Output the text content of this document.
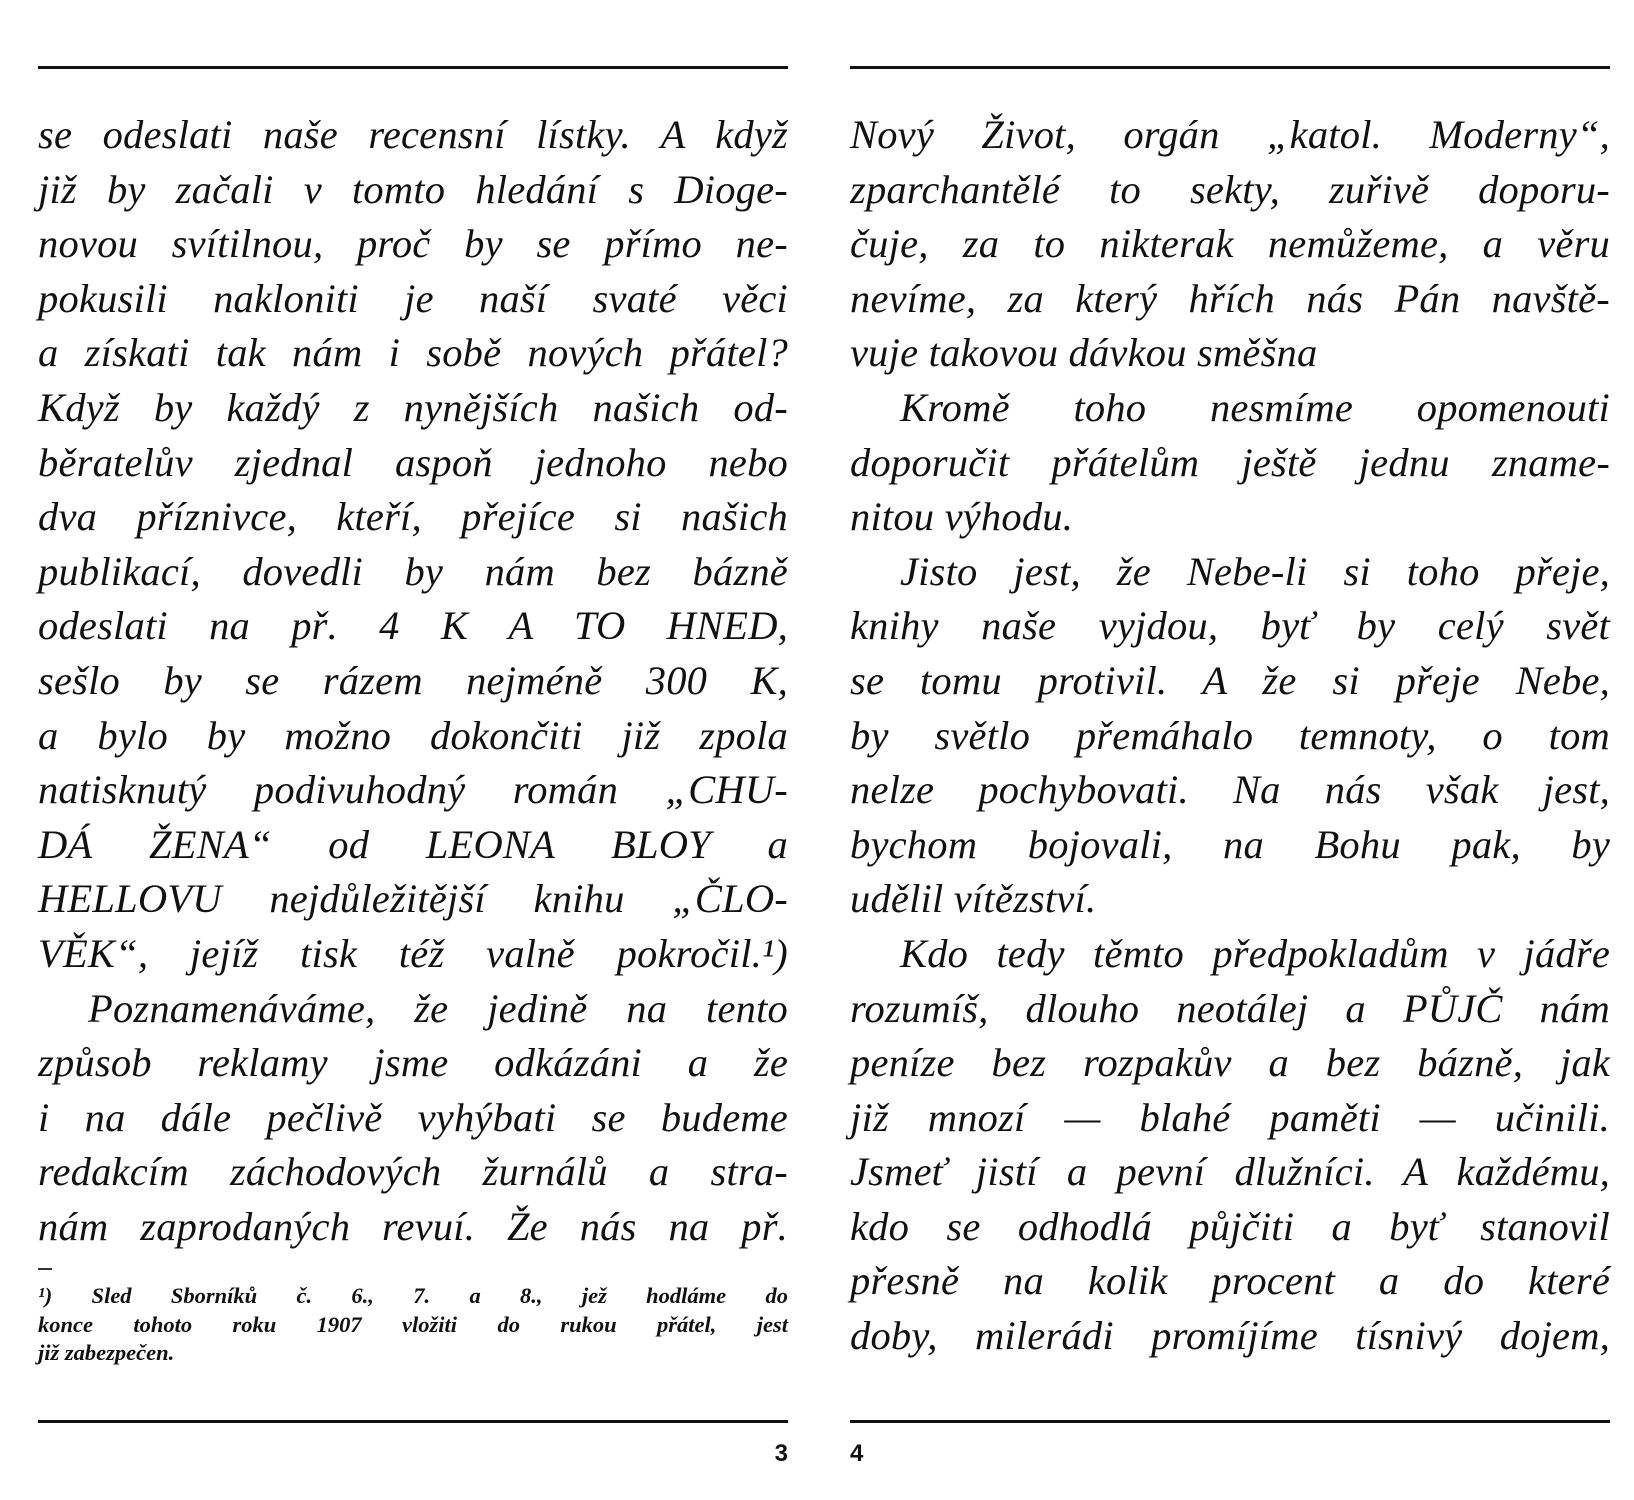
se odeslati naše recensní lístky. A když
již by začali v tomto hledání s Dioge-
novou svítilnou, proč by se přímo ne-
pokusili nakloniti je naší svaté věci
a získati tak nám i sobě nových přátel?
Když by každý z nynějších našich od-
běratelův zjednal aspoň jednoho nebo
dva příznivce, kteří, přejíce si našich
publikací, dovedli by nám bez bázně
odeslati na př. 4 K A TO HNED,
sešlo by se rázem nejméně 300 K,
a bylo by možno dokončiti již zpola
natisknutý podivuhodný román „CHU-
DÁ ŽENA“ od LEONA BLOY a
HELLOVU nejdůležitější knihu „ČLO-
VĚK“, jejíž tisk též valně pokročil.¹)
Poznamenáváme, že jedině na tento
způsob reklamy jsme odkázáni a že
i na dále pečlivě vyhýbati se budeme
redakcím záchodových žurnálů a stra-
nám zaprodaných revuí. Že nás na př.
¹) Sled Sborníků č. 6., 7. a 8., jež hodláme do
konce tohoto roku 1907 vložiti do rukou přátel, jest
již zabezpečen.
3
Nový Život, orgán „katol. Moderny“,
zparchantělé to sekty, zuřivě doporu-
čuje, za to nikterak nemůžeme, a věru
nevíme, za který hřích nás Pán navště-
vuje takovou dávkou směšna
Kromě toho nesmíme opomenouti
doporučit přátelům ještě jednu zname-
nitou výhodu.
Jisto jest, že Nebe-li si toho přeje,
knihy naše vyjdou, byť by celý svět
se tomu protivil. A že si přeje Nebe,
by světlo přemáhalo temnoty, o tom
nelze pochybovati. Na nás však jest,
bychom bojovali, na Bohu pak, by
udělil vítězství.
Kdo tedy těmto předpokladům v jádře
rozumíš, dlouho neotálej a PŮJČ nám
peníze bez rozpakův a bez bázně, jak
již mnozí — blahé paměti — učinili.
Jsmeť jistí a pevní dlužníci. A každému,
kdo se odhodlá půjčiti a byť stanovil
přesně na kolik procent a do které
doby, milerádi promíjíme tísnivý dojem,
4
